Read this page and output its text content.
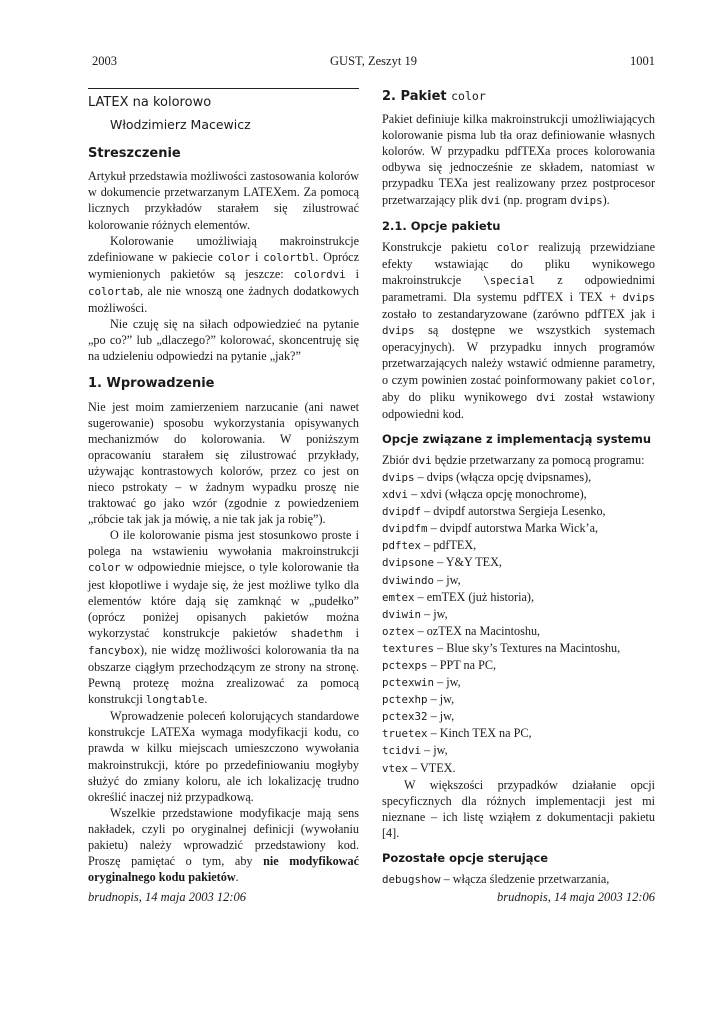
2003	GUST, Zeszyt 19	1001
LATEX na kolorowo
Włodzimierz Macewicz
Streszczenie

Artykuł przedstawia możliwości zastosowania kolorów w dokumencie przetwarzanym LATEXem. Za pomocą licznych przykładów starałem się zilustrować kolorowanie różnych elementów.

Kolorowanie umożliwiają makroinstrukcje zdefiniowane w pakiecie color i colortbl. Oprócz wymienionych pakietów są jeszcze: colordvi i colortab, ale nie wnoszą one żadnych dodatkowych możliwości.

Nie czuję się na siłach odpowiedzieć na pytanie „po co?” lub „dlaczego?” kolorować, skoncentruję się na udzieleniu odpowiedzi na pytanie „jak?”

1. Wprowadzenie

Nie jest moim zamierzeniem narzucanie (ani nawet sugerowanie) sposobu wykorzystania opisywanych mechanizmów do kolorowania. W poniższym opracowaniu starałem się zilustrować przykłady, używając kontrastowych kolorów, przez co jest on nieco pstrokaty – w żadnym wypadku proszę nie traktować go jako wzór (zgodnie z powiedzeniem „róbcie tak jak ja mówię, a nie tak jak ja robię”).

O ile kolorowanie pisma jest stosunkowo proste i polega na wstawieniu wywołania makroinstrukcji color w odpowiednie miejsce, o tyle kolorowanie tła jest kłopotliwe i wydaje się, że jest możliwe tylko dla elementów które dają się zamknąć w „pudełko” (oprócz poniżej opisanych pakietów można wykorzystać konstrukcje pakietów shadethm i fancybox), nie widzę możliwości kolorowania tła na obszarze ciągłym przechodzącym ze strony na stronę. Pewną protezę można zrealizować za pomocą konstrukcji longtable.

Wprowadzenie poleceń kolorujących standardowe konstrukcje LATEXa wymaga modyfikacji kodu, co prawda w kilku miejscach umieszczono wywołania makroinstrukcji, które po przedefiniowaniu mogłyby służyć do zmiany koloru, ale ich lokalizację trudno określić inaczej niż przypadkową.

Wszelkie przedstawione modyfikacje mają sens nakładek, czyli po oryginalnej definicji (wywołaniu pakietu) należy wprowadzić przedstawiony kod. Proszę pamiętać o tym, aby nie modyfikować oryginalnego kodu pakietów.

2. Pakiet color

Pakiet definiuje kilka makroinstrukcji umożliwiających kolorowanie pisma lub tła oraz definiowanie własnych kolorów. W przypadku pdfTEXa proces kolorowania odbywa się jednocześnie ze składem, natomiast w przypadku TEXa jest realizowany przez postprocesor przetwarzający plik dvi (np. program dvips).

2.1. Opcje pakietu

Konstrukcje pakietu color realizują przewidziane efekty wstawiając do pliku wynikowego makroinstrukcje \special z odpowiednimi parametrami. Dla systemu pdfTEX i TEX + dvips zostało to zestandaryzowane (zarówno pdfTEX jak i dvips są dostępne we wszystkich systemach operacyjnych). W przypadku innych programów przetwarzających należy wstawić odmienne parametry, o czym powinien zostać poinformowany pakiet color, aby do pliku wynikowego dvi został wstawiony odpowiedni kod.

Opcje związane z implementacją systemu

Zbiór dvi będzie przetwarzany za pomocą programu:

dvips – dvips (włącza opcję dvipsnames),

xdvi – xdvi (włącza opcję monochrome),

dvipdf – dvipdf autorstwa Sergieja Lesenko,

dvipdfm – dvipdf autorstwa Marka Wick’a,

pdftex – pdfTEX,

dvipsone – Y&Y TEX,

dviwindo – jw,

emtex – emTEX (już historia),

dviwin – jw,

oztex – ozTEX na Macintoshu,

textures – Blue sky’s Textures na Macintoshu,

pctexps – PPT na PC,

pctexwin – jw,

pctexhp – jw,

pctex32 – jw,

truetex – Kinch TEX na PC,

tcidvi – jw,

vtex – VTEX.

W większości przypadków działanie opcji specyficznych dla różnych implementacji jest mi nieznane – ich listę wziąłem z dokumentacji pakietu [4].

Pozostałe opcje sterujące

debugshow – włącza śledzenie przetwarzania,

brudnopis, 14 maja 2003 12:06	brudnopis, 14 maja 2003 12:06
